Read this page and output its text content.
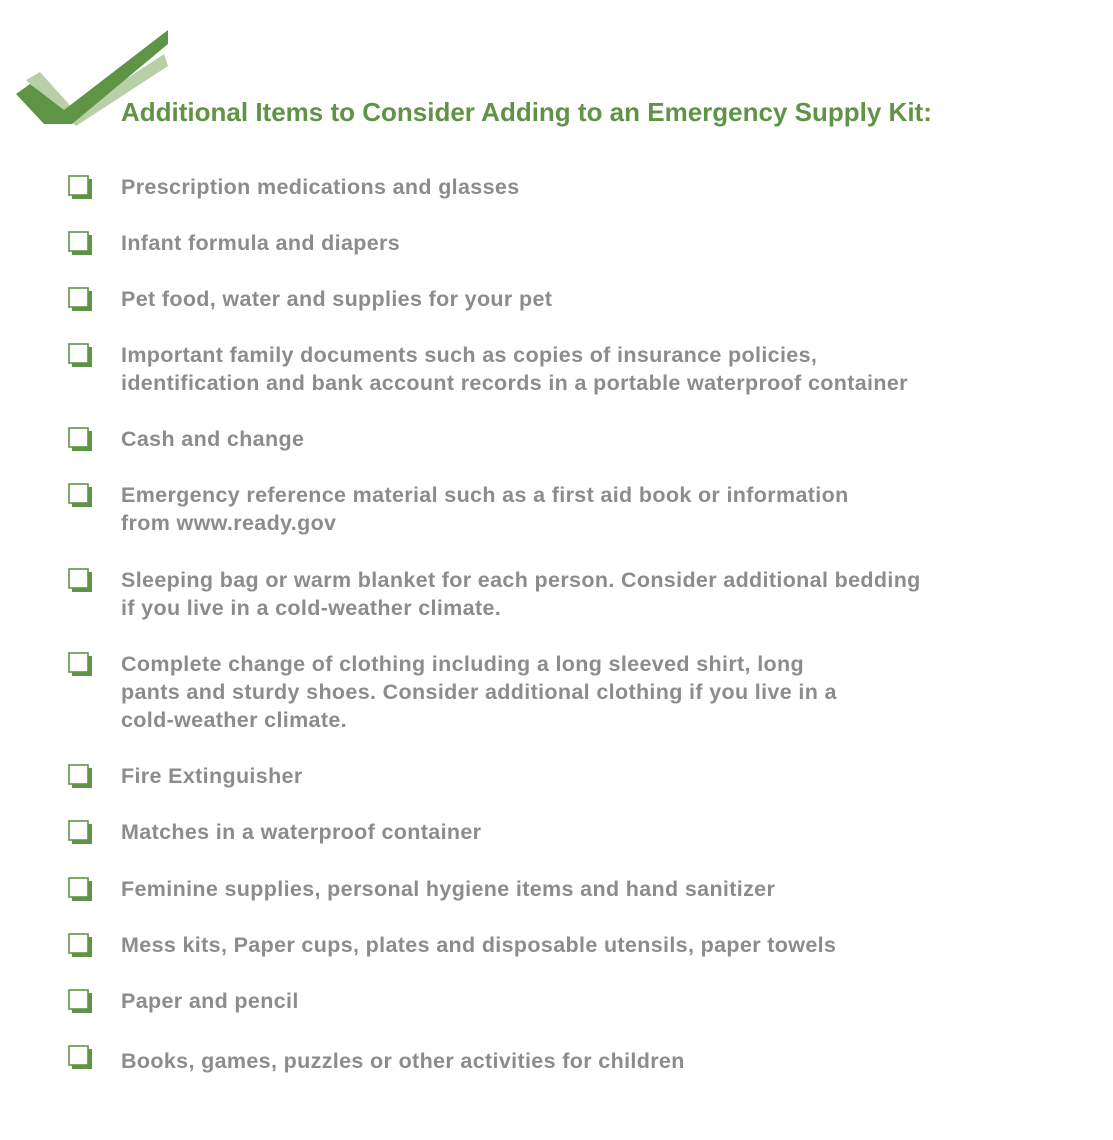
Additional Items to Consider Adding to an Emergency Supply Kit:
Prescription medications and glasses
Infant formula and diapers
Pet food, water and supplies for your pet
Important family documents such as copies of insurance policies,
identification and bank account records in a portable waterproof container
Cash and change
Emergency reference material such as a first aid book or information
from www.ready.gov
Sleeping bag or warm blanket for each person. Consider additional bedding
if you live in a cold-weather climate.
Complete change of clothing including a long sleeved shirt, long
pants and sturdy shoes. Consider additional clothing if you live in a
cold-weather climate.
Fire Extinguisher
Matches in a waterproof container
Feminine supplies, personal hygiene items and hand sanitizer
Mess kits, Paper cups, plates and disposable utensils, paper towels
Paper and pencil
Books, games, puzzles or other activities for children
